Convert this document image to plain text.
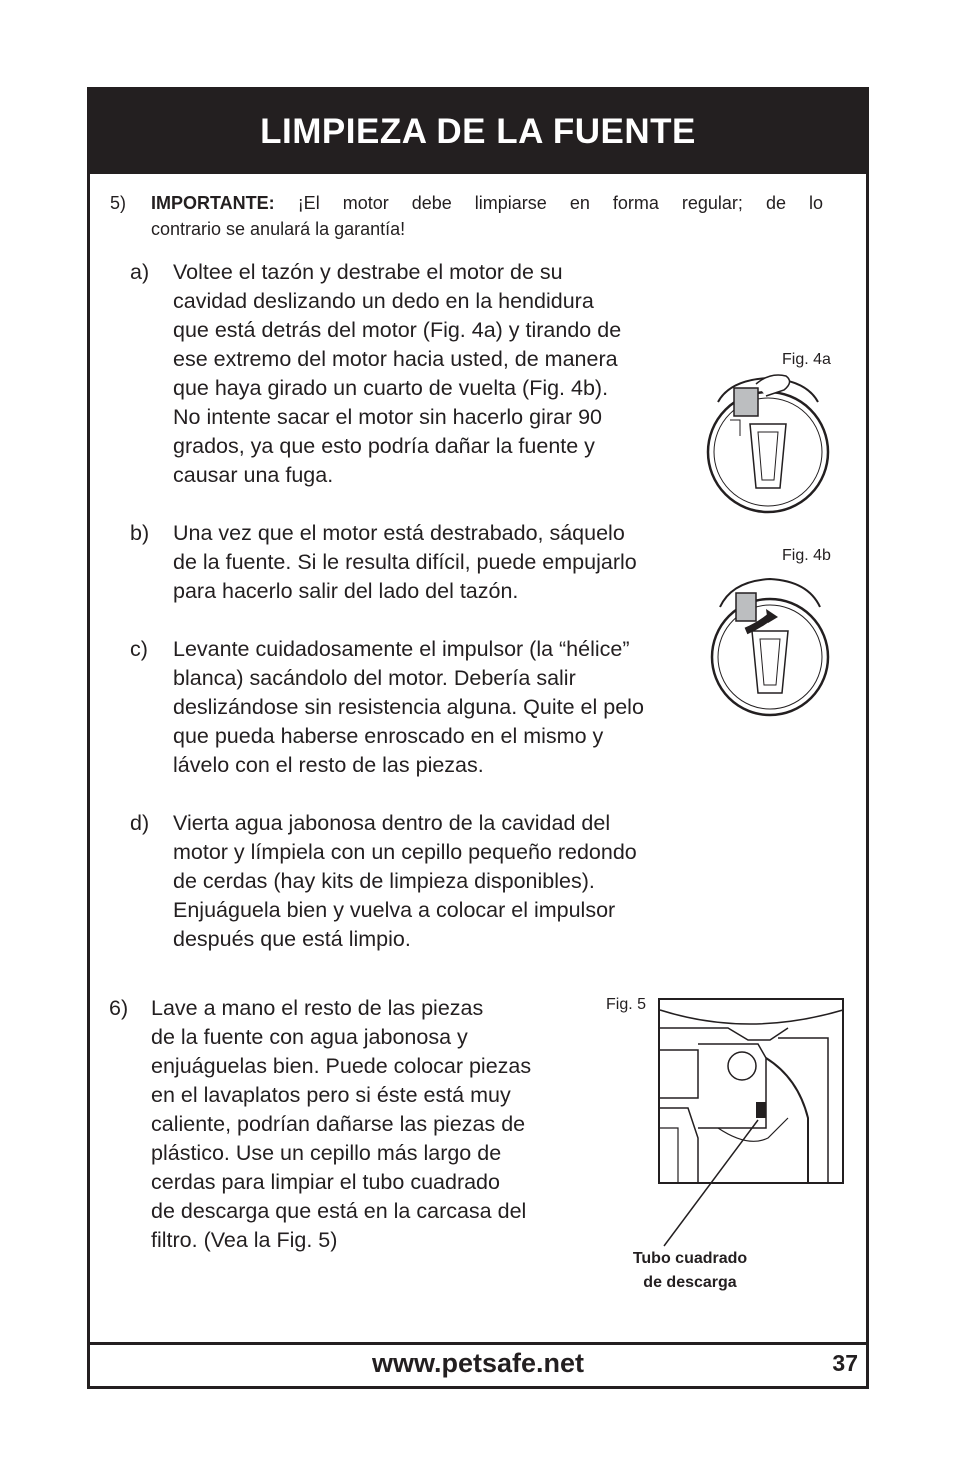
LIMPIEZA DE LA FUENTE
www.petsafe.net	37
5) IMPORTANTE: ¡El motor debe limpiarse en forma regular; de lo
contrario se anulará la garantía!
a) Voltee el tazón y destrabe el motor de su
cavidad deslizando un dedo en la hendidura
que está detrás del motor (Fig. 4a) y tirando de
ese extremo del motor hacia usted, de manera
que haya girado un cuarto de vuelta (Fig. 4b).
No intente sacar el motor sin hacerlo girar 90
grados, ya que esto podría dañar la fuente y
causar una fuga.
b) Una vez que el motor está destrabado, sáquelo
de la fuente. Si le resulta difícil, puede empujarlo
para hacerlo salir del lado del tazón.
c) Levante cuidadosamente el impulsor (la “hélice”
blanca) sacándolo del motor. Debería salir
deslizándose sin resistencia alguna. Quite el pelo
que pueda haberse enroscado en el mismo y
lávelo con el resto de las piezas.
d) Vierta agua jabonosa dentro de la cavidad del
motor y límpiela con un cepillo pequeño redondo
de cerdas (hay kits de limpieza disponibles).
Enjuáguela bien y vuelva a colocar el impulsor
después que está limpio.
6) Lave a mano el resto de las piezas
de la fuente con agua jabonosa y
enjuáguelas bien. Puede colocar piezas
en el lavaplatos pero si éste está muy
caliente, podrían dañarse las piezas de
plástico. Use un cepillo más largo de
cerdas para limpiar el tubo cuadrado
de descarga que está en la carcasa del
filtro. (Vea la Fig. 5)
Fig. 4a
Fig. 4b
Fig. 5
Tubo cuadrado
de descarga
